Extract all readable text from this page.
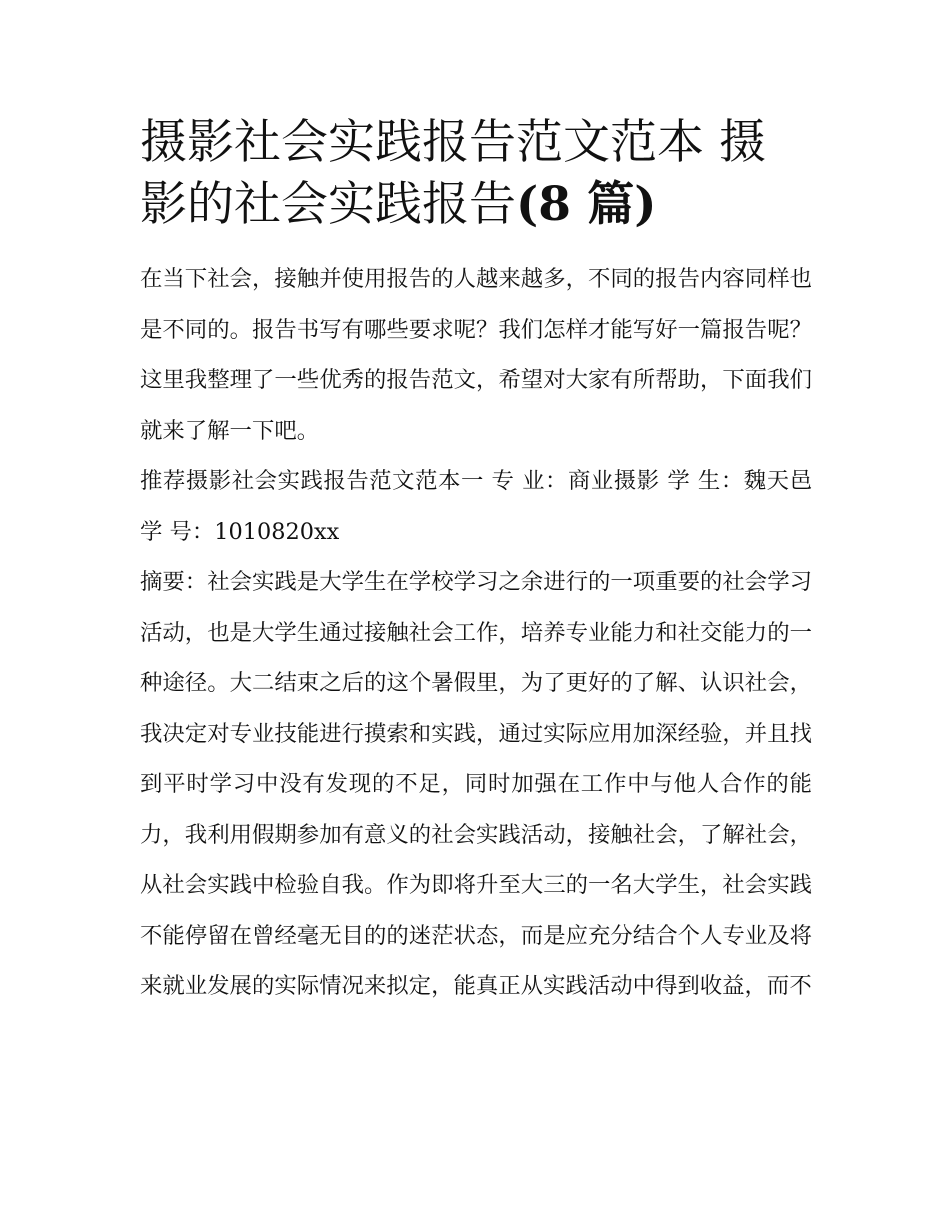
摄影社会实践报告范文范本 摄影的社会实践报告(8 篇)

在当下社会，接触并使用报告的人越来越多，不同的报告内容同样也是不同的。报告书写有哪些要求呢？我们怎样才能写好一篇报告呢？这里我整理了一些优秀的报告范文，希望对大家有所帮助，下面我们就来了解一下吧。

推荐摄影社会实践报告范文范本一 专 业：商业摄影 学 生：魏天邑 学 号：1010820xx

摘要：社会实践是大学生在学校学习之余进行的一项重要的社会学习活动，也是大学生通过接触社会工作，培养专业能力和社交能力的一种途径。大二结束之后的这个暑假里，为了更好的了解、认识社会，我决定对专业技能进行摸索和实践，通过实际应用加深经验，并且找到平时学习中没有发现的不足，同时加强在工作中与他人合作的能力，我利用假期参加有意义的社会实践活动，接触社会，了解社会，从社会实践中检验自我。作为即将升至大三的一名大学生，社会实践不能停留在曾经毫无目的的迷茫状态，而是应充分结合个人专业及将来就业发展的实际情况来拟定，能真正从实践活动中得到收益，而不
